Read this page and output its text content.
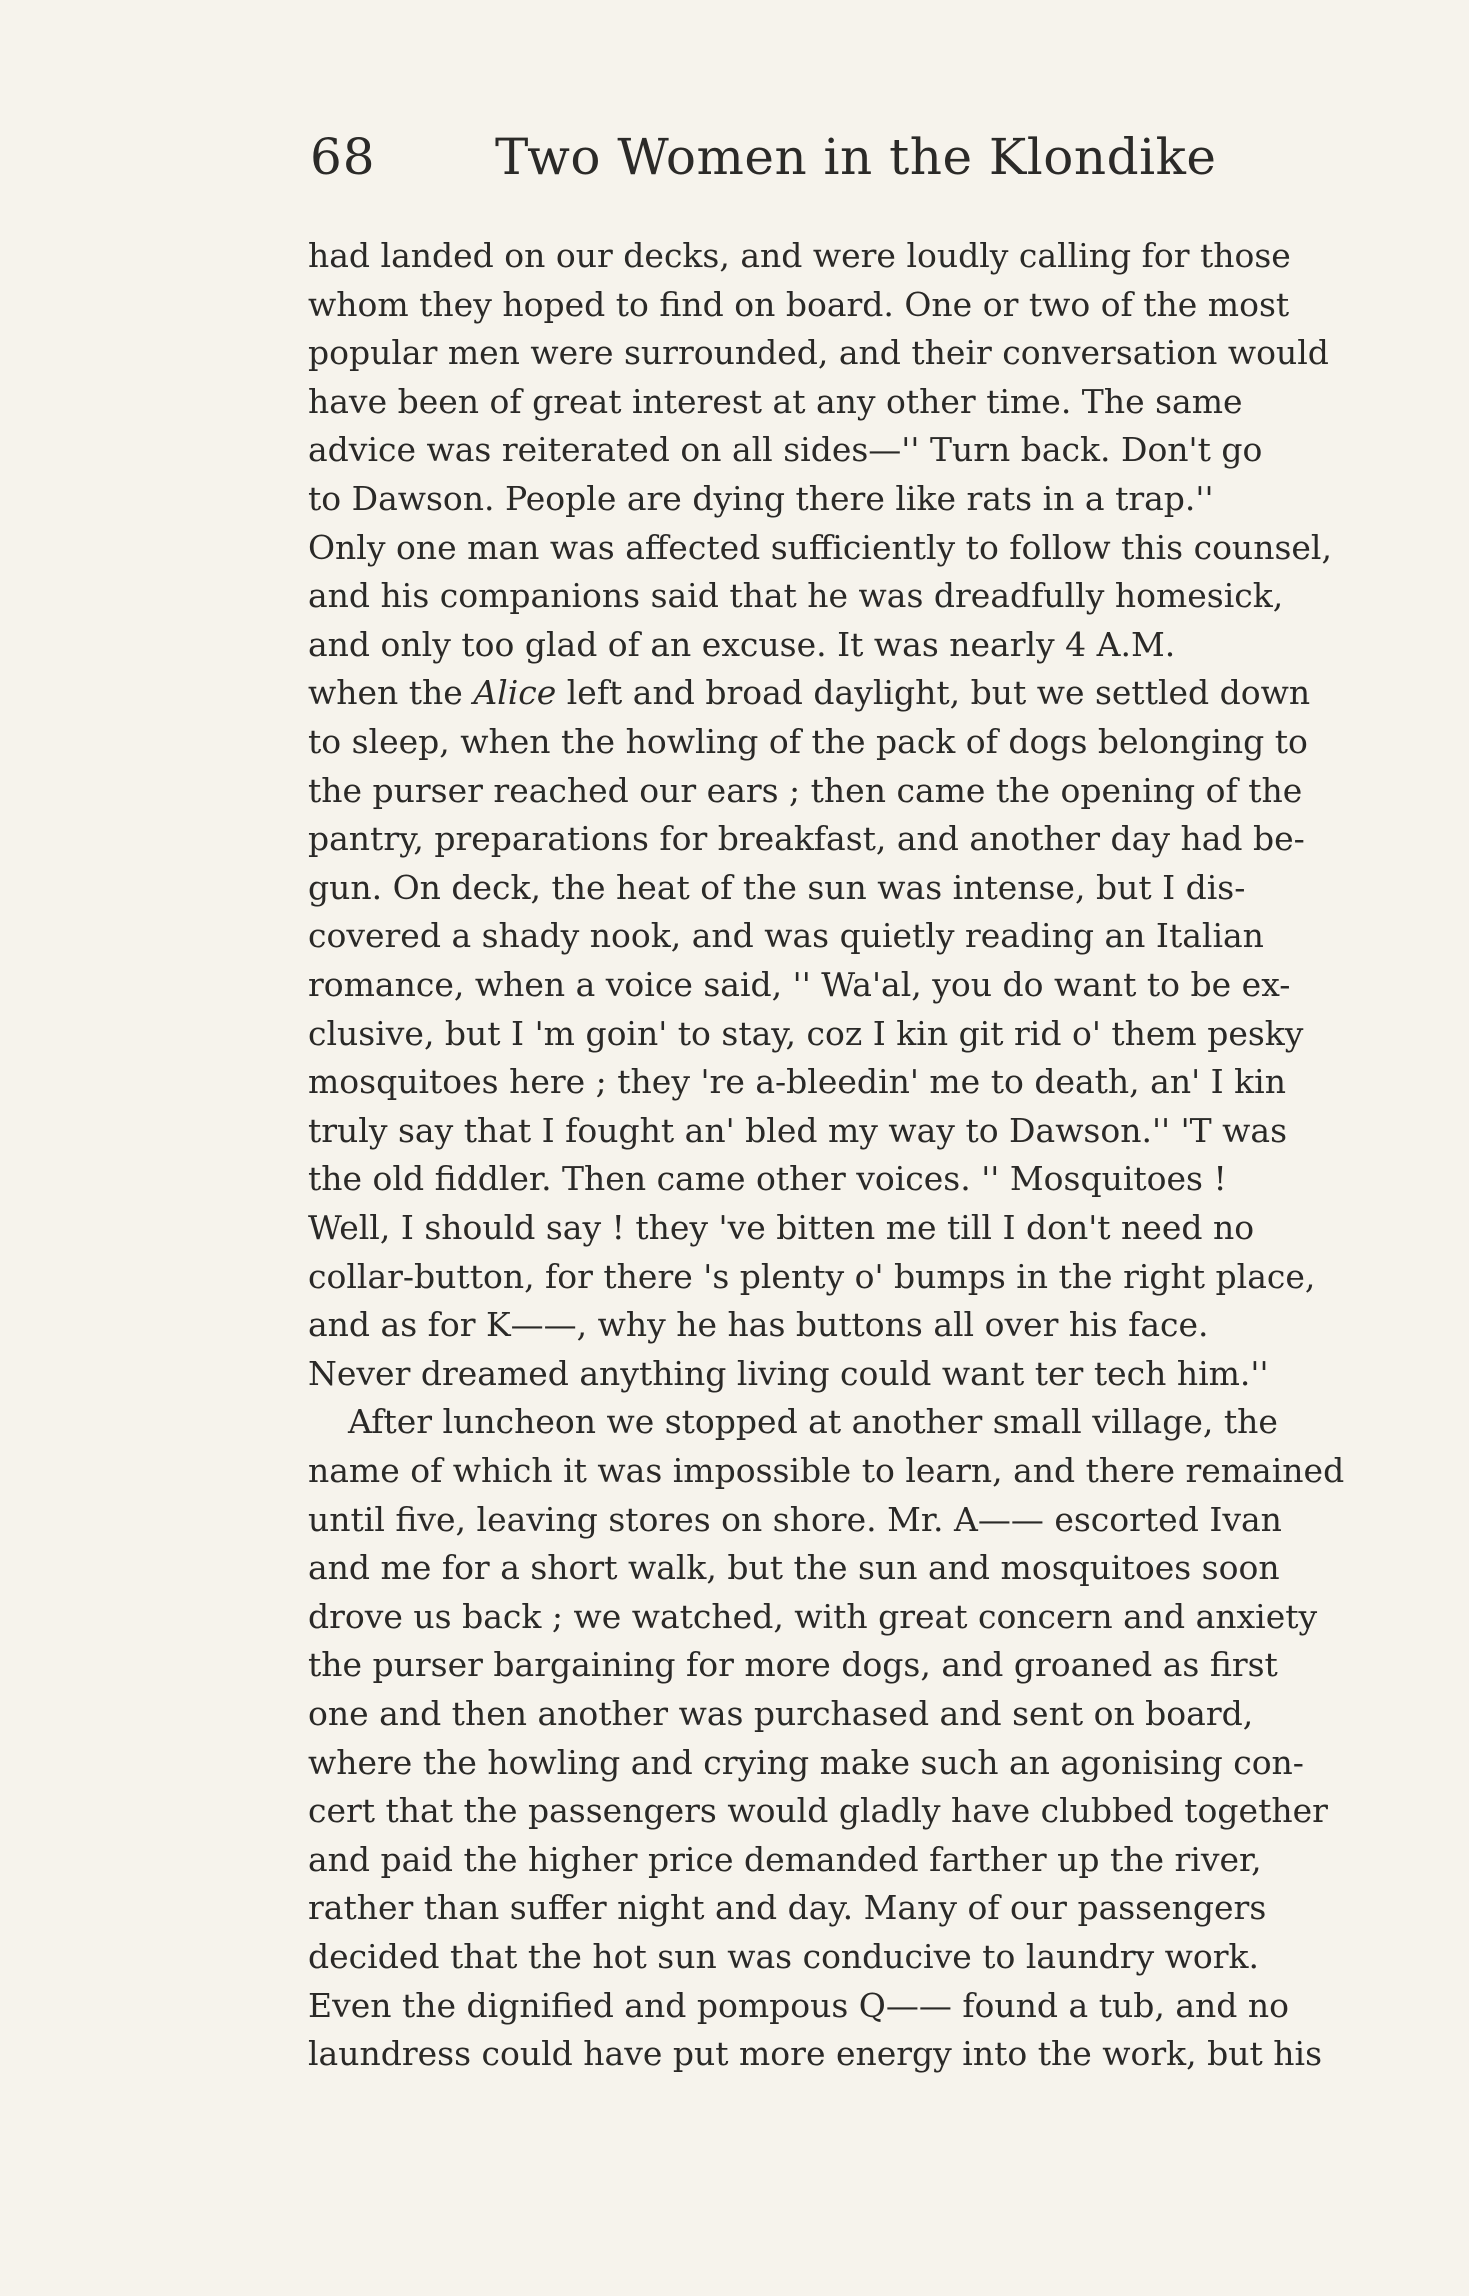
68 Two Women in the Klondike
had landed on our decks, and were loudly calling for those
whom they hoped to find on board. One or two of the most
popular men were surrounded, and their conversation would
have been of great interest at any other time. The same
advice was reiterated on all sides—'' Turn back. Don't go
to Dawson. People are dying there like rats in a trap.''
Only one man was affected sufficiently to follow this counsel,
and his companions said that he was dreadfully homesick,
and only too glad of an excuse. It was nearly 4 A.M.
when the Alice left and broad daylight, but we settled down
to sleep, when the howling of the pack of dogs belonging to
the purser reached our ears ; then came the opening of the
pantry, preparations for breakfast, and another day had be-
gun. On deck, the heat of the sun was intense, but I dis-
covered a shady nook, and was quietly reading an Italian
romance, when a voice said, '' Wa'al, you do want to be ex-
clusive, but I 'm goin' to stay, coz I kin git rid o' them pesky
mosquitoes here ; they 're a-bleedin' me to death, an' I kin
truly say that I fought an' bled my way to Dawson.'' 'T was
the old fiddler. Then came other voices. '' Mosquitoes !
Well, I should say ! they 've bitten me till I don't need no
collar-button, for there 's plenty o' bumps in the right place,
and as for K——, why he has buttons all over his face.
Never dreamed anything living could want ter tech him.''
After luncheon we stopped at another small village, the
name of which it was impossible to learn, and there remained
until five, leaving stores on shore. Mr. A—— escorted Ivan
and me for a short walk, but the sun and mosquitoes soon
drove us back ; we watched, with great concern and anxiety
the purser bargaining for more dogs, and groaned as first
one and then another was purchased and sent on board,
where the howling and crying make such an agonising con-
cert that the passengers would gladly have clubbed together
and paid the higher price demanded farther up the river,
rather than suffer night and day. Many of our passengers
decided that the hot sun was conducive to laundry work.
Even the dignified and pompous Q—— found a tub, and no
laundress could have put more energy into the work, but his
